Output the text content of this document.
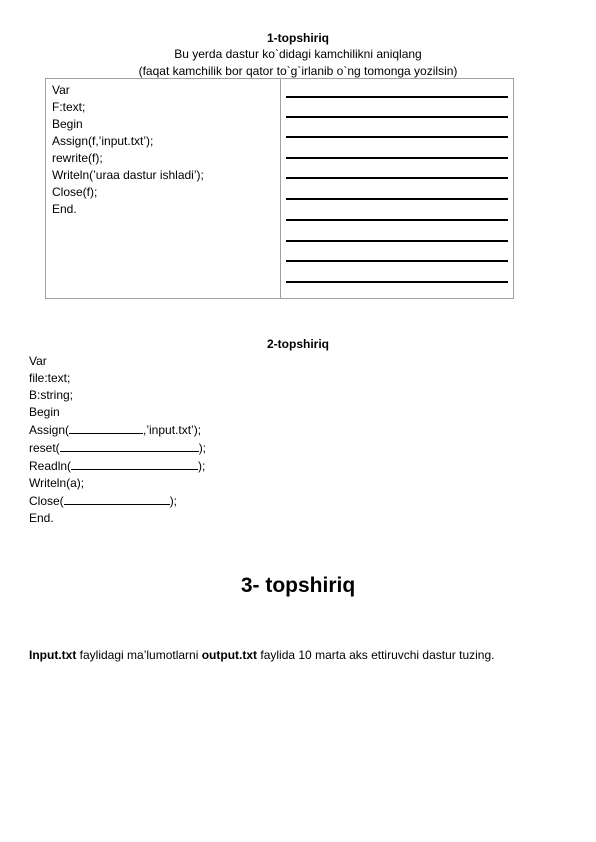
1-topshiriq
Bu yerda dastur ko`didagi kamchilikni aniqlang
(faqat kamchilik bor qator to`g`irlanib o`ng tomonga yozilsin)
Var
F:text;
Begin
Assign(f,’input.txt’);
rewrite(f);
Writeln(’uraa dastur ishladi’);
Close(f);
End.
2-topshiriq
Var
file:text;
B:string;
Begin
Assign(	,’input.txt’);
reset(	);
Readln(	);
Writeln(a);
Close(	);
End.
3- topshiriq
Input.txt faylidagi ma’lumotlarni output.txt faylida 10 marta aks ettiruvchi dastur tuzing.
